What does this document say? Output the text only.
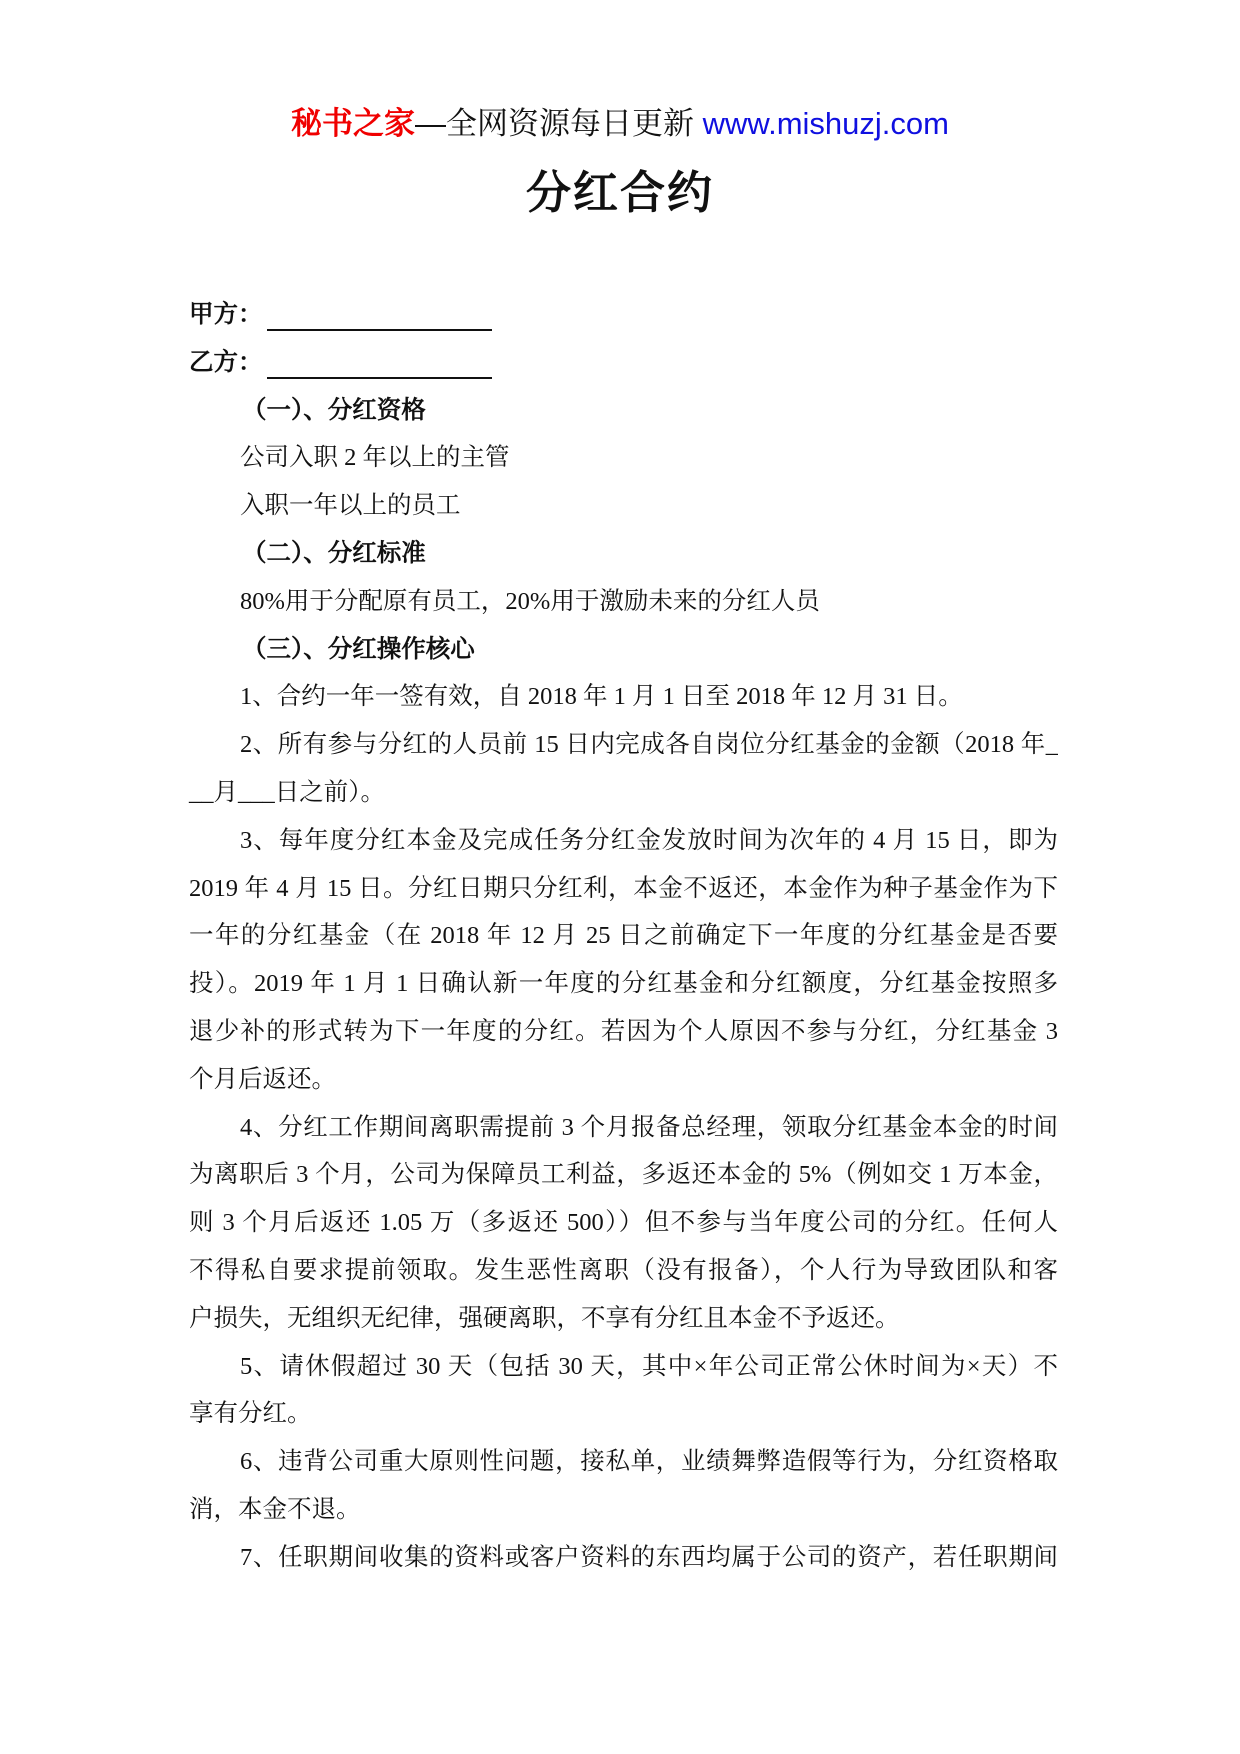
秘书之家—全网资源每日更新 www.mishuzj.com
分红合约
甲方：
乙方：
（一）、分红资格
公司入职 2 年以上的主管
入职一年以上的员工
（二）、分红标准
80%用于分配原有员工，20%用于激励未来的分红人员
（三）、分红操作核心
1、合约一年一签有效，自 2018 年 1 月 1 日至 2018 年 12 月 31 日。
2、所有参与分红的人员前 15 日内完成各自岗位分红基金的金额（2018 年_
__月___日之前）。
3、每年度分红本金及完成任务分红金发放时间为次年的 4 月 15 日，即为
2019 年 4 月 15 日。分红日期只分红利，本金不返还，本金作为种子基金作为下
一年的分红基金（在 2018 年 12 月 25 日之前确定下一年度的分红基金是否要
投）。2019 年 1 月 1 日确认新一年度的分红基金和分红额度，分红基金按照多
退少补的形式转为下一年度的分红。若因为个人原因不参与分红，分红基金 3
个月后返还。
4、分红工作期间离职需提前 3 个月报备总经理，领取分红基金本金的时间
为离职后 3 个月，公司为保障员工利益，多返还本金的 5%（例如交 1 万本金，
则 3 个月后返还 1.05 万（多返还 500））但不参与当年度公司的分红。任何人
不得私自要求提前领取。发生恶性离职（没有报备），个人行为导致团队和客
户损失，无组织无纪律，强硬离职，不享有分红且本金不予返还。
5、请休假超过 30 天（包括 30 天，其中×年公司正常公休时间为×天）不
享有分红。
6、违背公司重大原则性问题，接私单，业绩舞弊造假等行为，分红资格取
消，本金不退。
7、任职期间收集的资料或客户资料的东西均属于公司的资产，若任职期间
